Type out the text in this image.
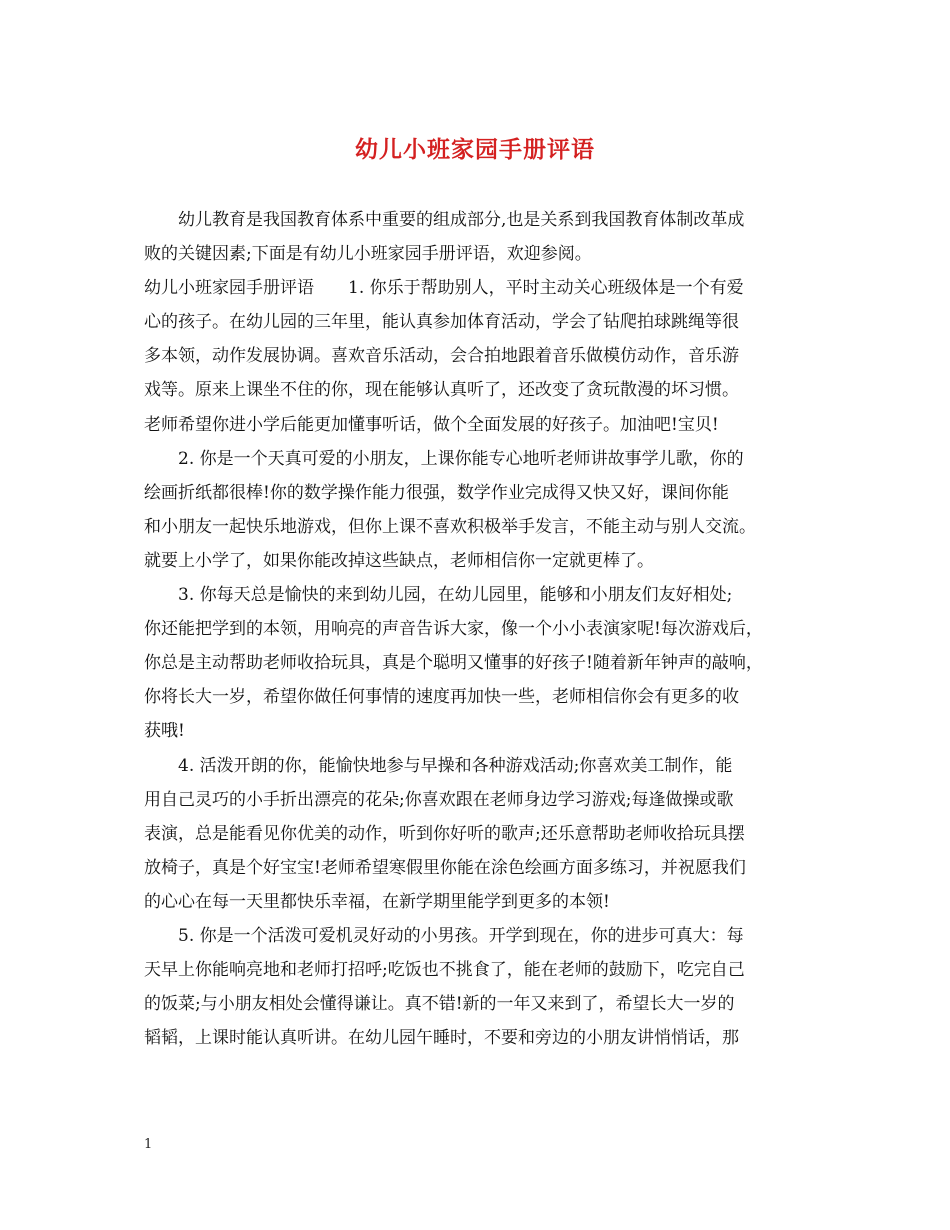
幼儿小班家园手册评语
　　幼儿教育是我国教育体系中重要的组成部分,也是关系到我国教育体制改革成
败的关键因素;下面是有幼儿小班家园手册评语，欢迎参阅。
幼儿小班家园手册评语　　1. 你乐于帮助别人，平时主动关心班级体是一个有爱
心的孩子。在幼儿园的三年里，能认真参加体育活动，学会了钻爬拍球跳绳等很
多本领，动作发展协调。喜欢音乐活动，会合拍地跟着音乐做模仿动作，音乐游
戏等。原来上课坐不住的你，现在能够认真听了，还改变了贪玩散漫的坏习惯。
老师希望你进小学后能更加懂事听话，做个全面发展的好孩子。加油吧!宝贝!
　　2. 你是一个天真可爱的小朋友，上课你能专心地听老师讲故事学儿歌，你的
绘画折纸都很棒!你的数学操作能力很强，数学作业完成得又快又好，课间你能
和小朋友一起快乐地游戏，但你上课不喜欢积极举手发言，不能主动与别人交流。
就要上小学了，如果你能改掉这些缺点，老师相信你一定就更棒了。
　　3. 你每天总是愉快的来到幼儿园，在幼儿园里，能够和小朋友们友好相处;
你还能把学到的本领，用响亮的声音告诉大家，像一个小小表演家呢!每次游戏后，
你总是主动帮助老师收拾玩具，真是个聪明又懂事的好孩子!随着新年钟声的敲响，
你将长大一岁，希望你做任何事情的速度再加快一些，老师相信你会有更多的收
获哦!
　　4. 活泼开朗的你，能愉快地参与早操和各种游戏活动;你喜欢美工制作，能
用自己灵巧的小手折出漂亮的花朵;你喜欢跟在老师身边学习游戏;每逢做操或歌
表演，总是能看见你优美的动作，听到你好听的歌声;还乐意帮助老师收拾玩具摆
放椅子，真是个好宝宝!老师希望寒假里你能在涂色绘画方面多练习，并祝愿我们
的心心在每一天里都快乐幸福，在新学期里能学到更多的本领!
　　5. 你是一个活泼可爱机灵好动的小男孩。开学到现在，你的进步可真大：每
天早上你能响亮地和老师打招呼;吃饭也不挑食了，能在老师的鼓励下，吃完自己
的饭菜;与小朋友相处会懂得谦让。真不错!新的一年又来到了，希望长大一岁的
韬韬，上课时能认真听讲。在幼儿园午睡时，不要和旁边的小朋友讲悄悄话，那
1
